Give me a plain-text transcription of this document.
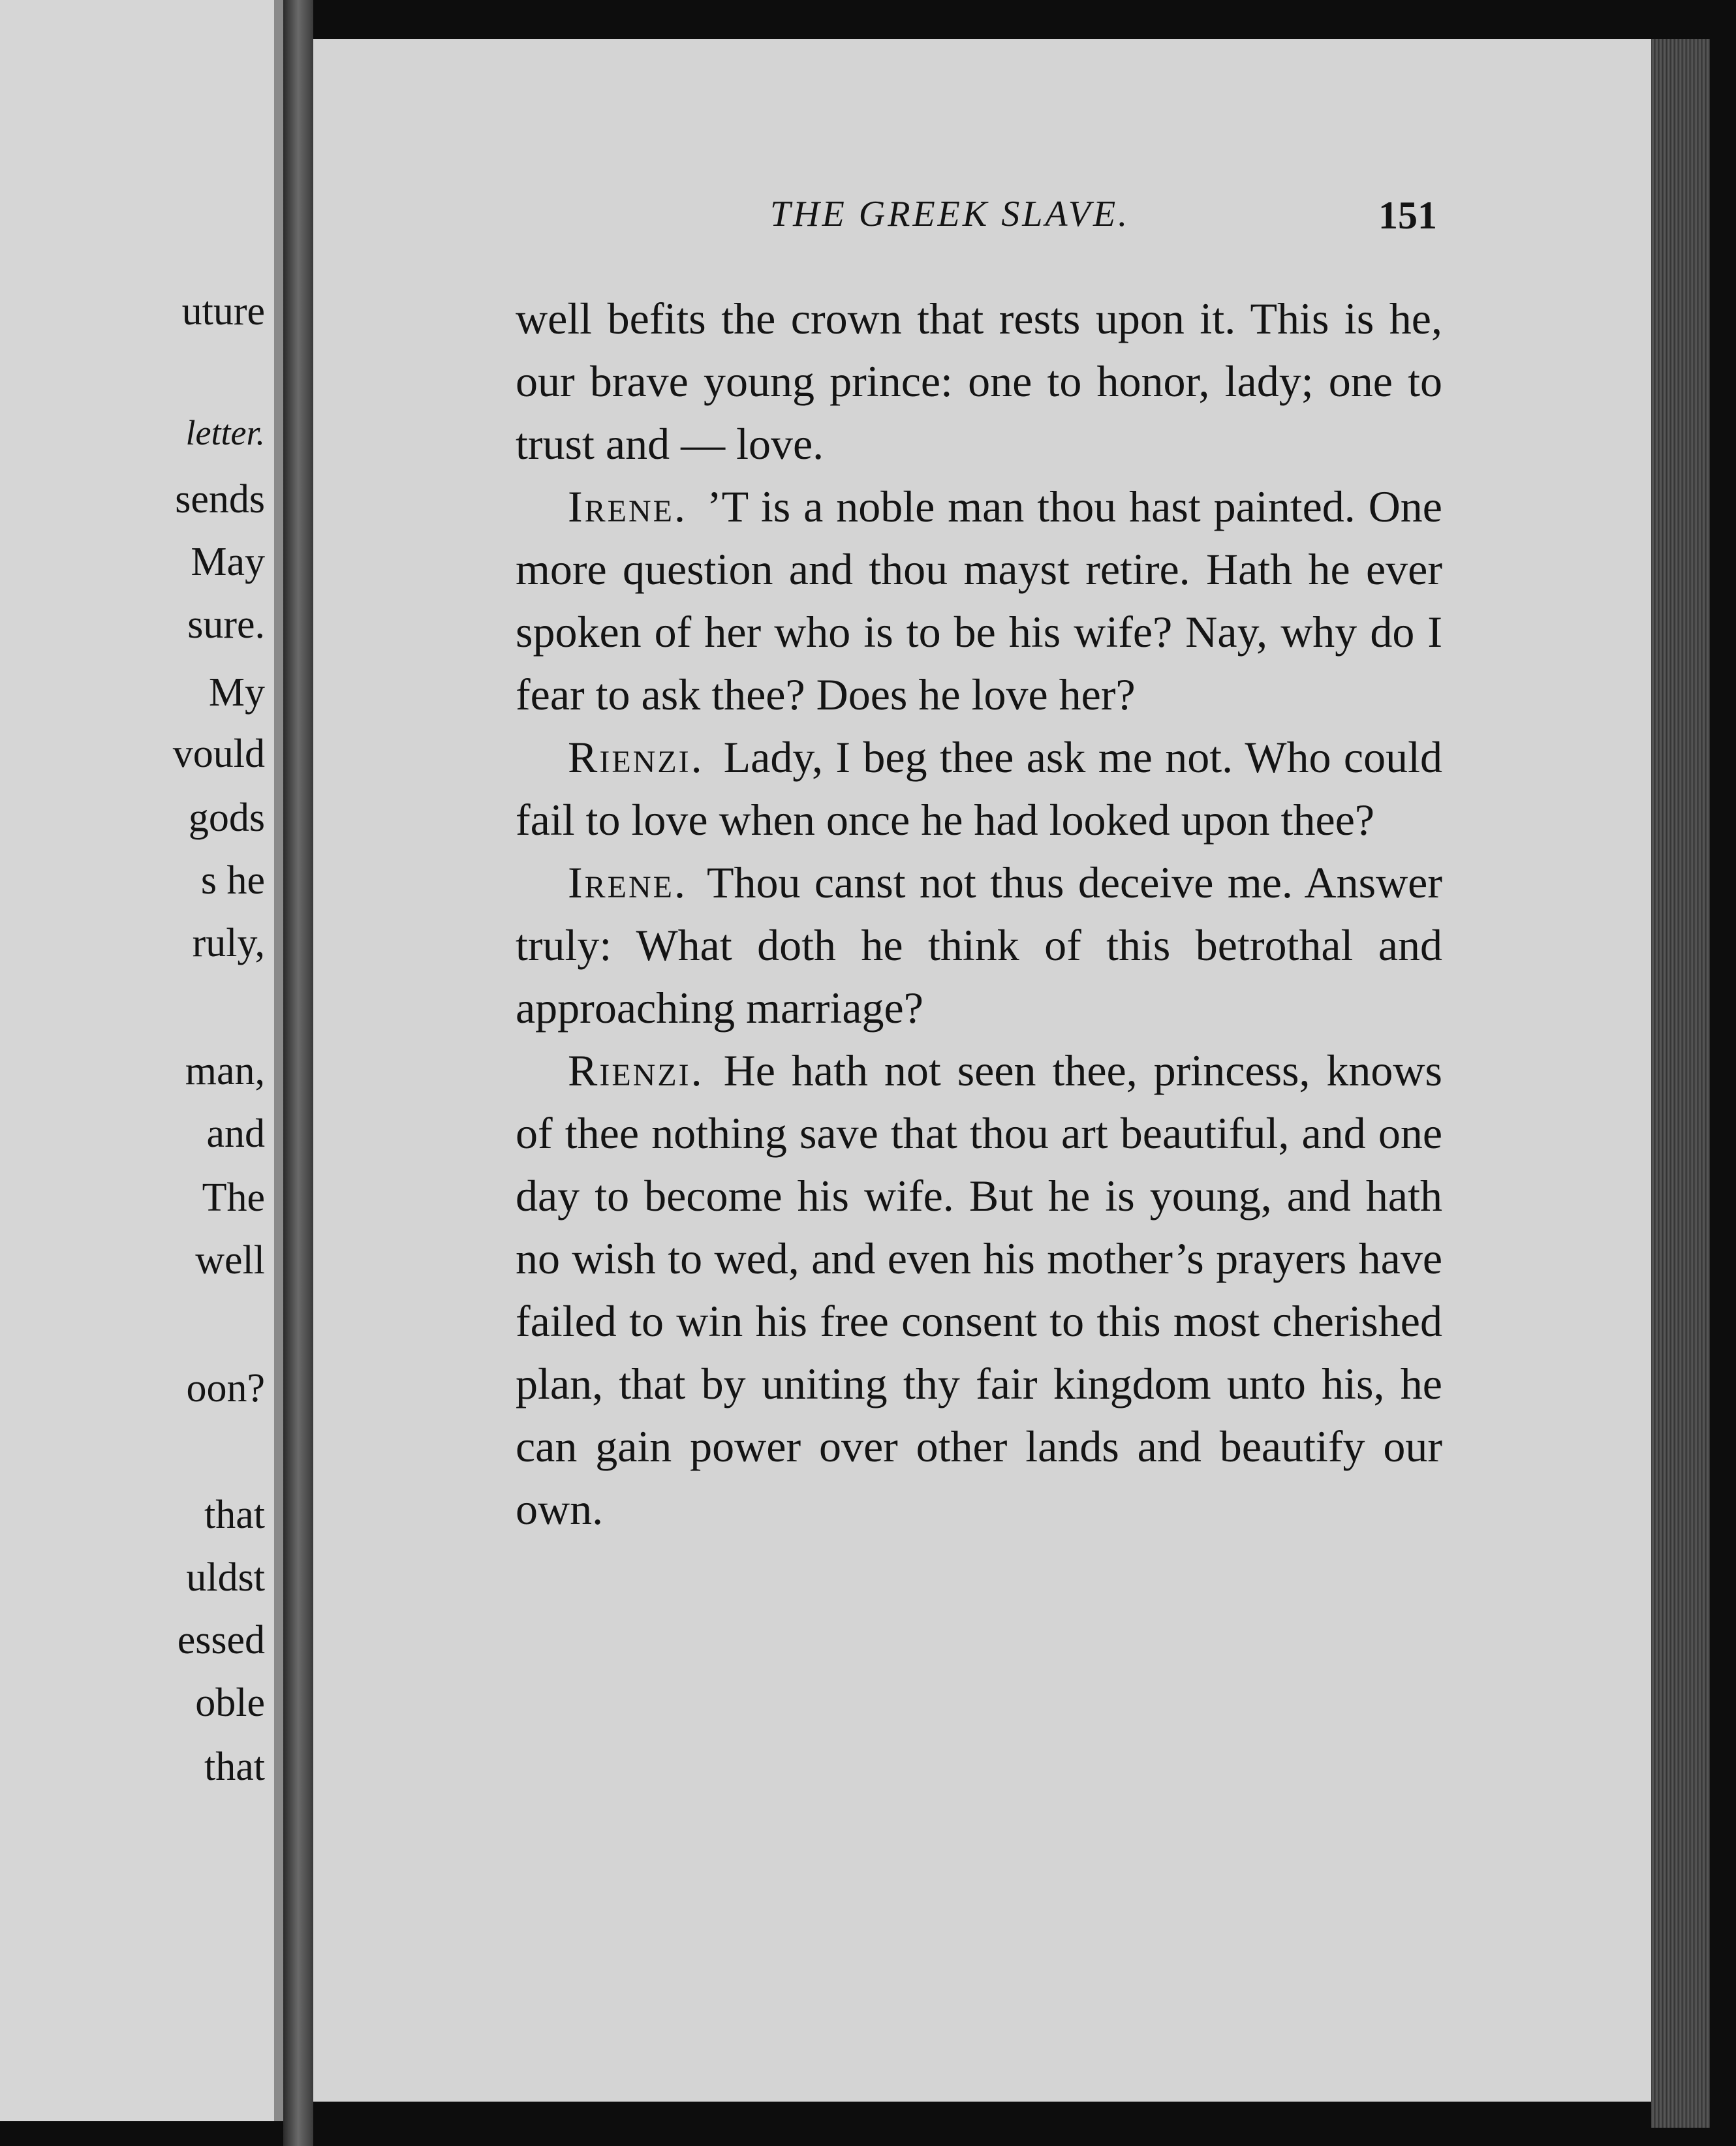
uture
letter.
sends
May
sure.
My
vould
gods
s he
ruly,
man,
and
The
well
oon?
that
uldst
essed
oble
that
THE GREEK SLAVE.	151

well befits the crown that rests upon it. This is he, our brave young prince: one to honor, lady; one to trust and — love.

Irene. ’T is a noble man thou hast painted. One more question and thou mayst retire. Hath he ever spoken of her who is to be his wife? Nay, why do I fear to ask thee? Does he love her?

Rienzi. Lady, I beg thee ask me not. Who could fail to love when once he had looked upon thee?

Irene. Thou canst not thus deceive me. Answer truly: What doth he think of this betrothal and approaching marriage?

Rienzi. He hath not seen thee, princess, knows of thee nothing save that thou art beautiful, and one day to become his wife. But he is young, and hath no wish to wed, and even his mother’s prayers have failed to win his free consent to this most cherished plan, that by uniting thy fair kingdom unto his, he can gain power over other lands and beautify our own.
